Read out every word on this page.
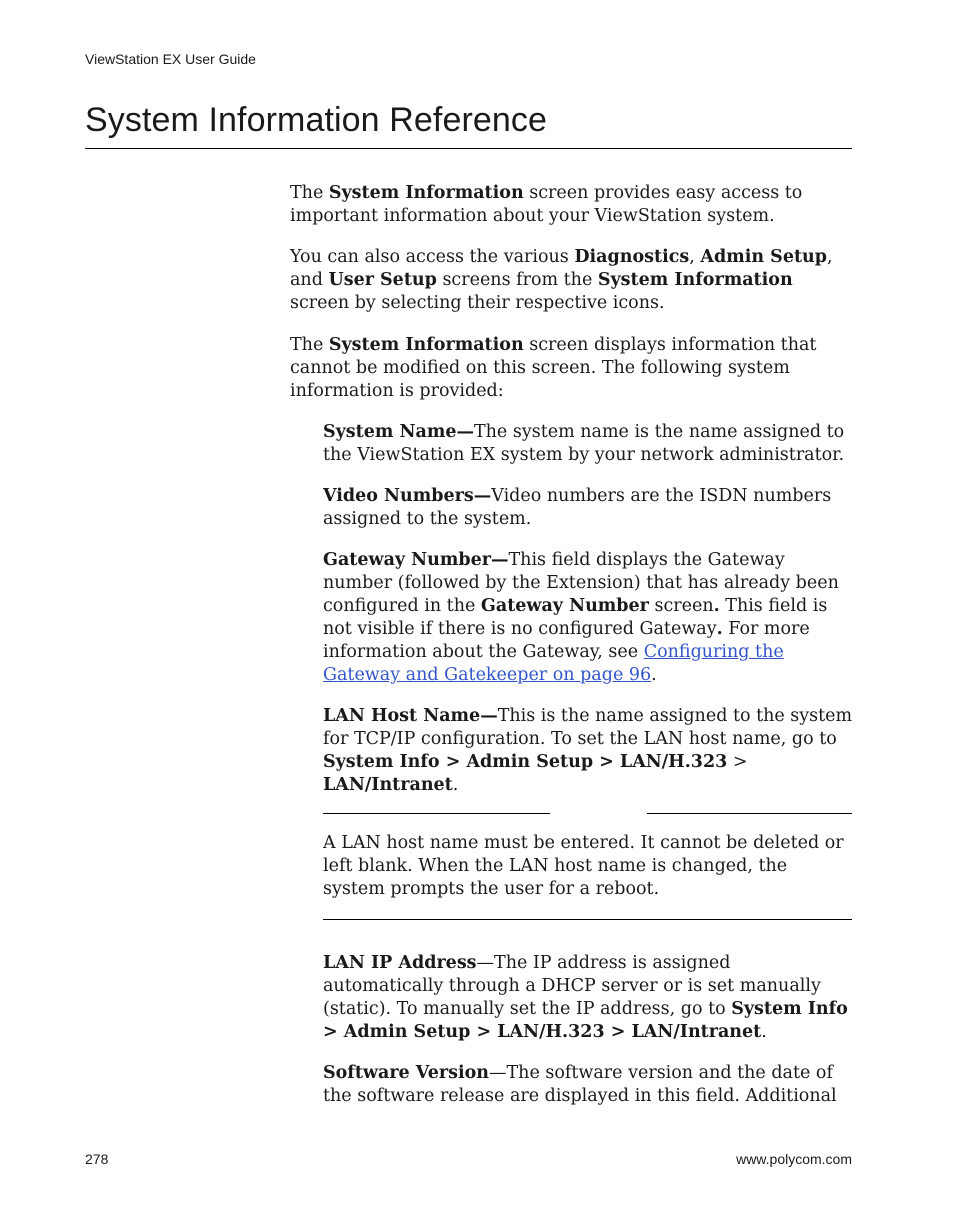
ViewStation EX User Guide
System Information Reference

The System Information screen provides easy access to important information about your ViewStation system.

You can also access the various Diagnostics, Admin Setup, and User Setup screens from the System Information screen by selecting their respective icons.

The System Information screen displays information that cannot be modified on this screen. The following system information is provided:

System Name—The system name is the name assigned to the ViewStation EX system by your network administrator.

Video Numbers—Video numbers are the ISDN numbers assigned to the system.

Gateway Number—This field displays the Gateway number (followed by the Extension) that has already been configured in the Gateway Number screen. This field is not visible if there is no configured Gateway. For more information about the Gateway, see Configuring the Gateway and Gatekeeper on page 96.

LAN Host Name—This is the name assigned to the system for TCP/IP configuration. To set the LAN host name, go to System Info > Admin Setup > LAN/H.323 > LAN/Intranet.

A LAN host name must be entered. It cannot be deleted or left blank. When the LAN host name is changed, the system prompts the user for a reboot.

LAN IP Address—The IP address is assigned automatically through a DHCP server or is set manually (static). To manually set the IP address, go to System Info > Admin Setup > LAN/H.323 > LAN/Intranet.

Software Version—The software version and the date of the software release are displayed in this field. Additional

278	www.polycom.com
